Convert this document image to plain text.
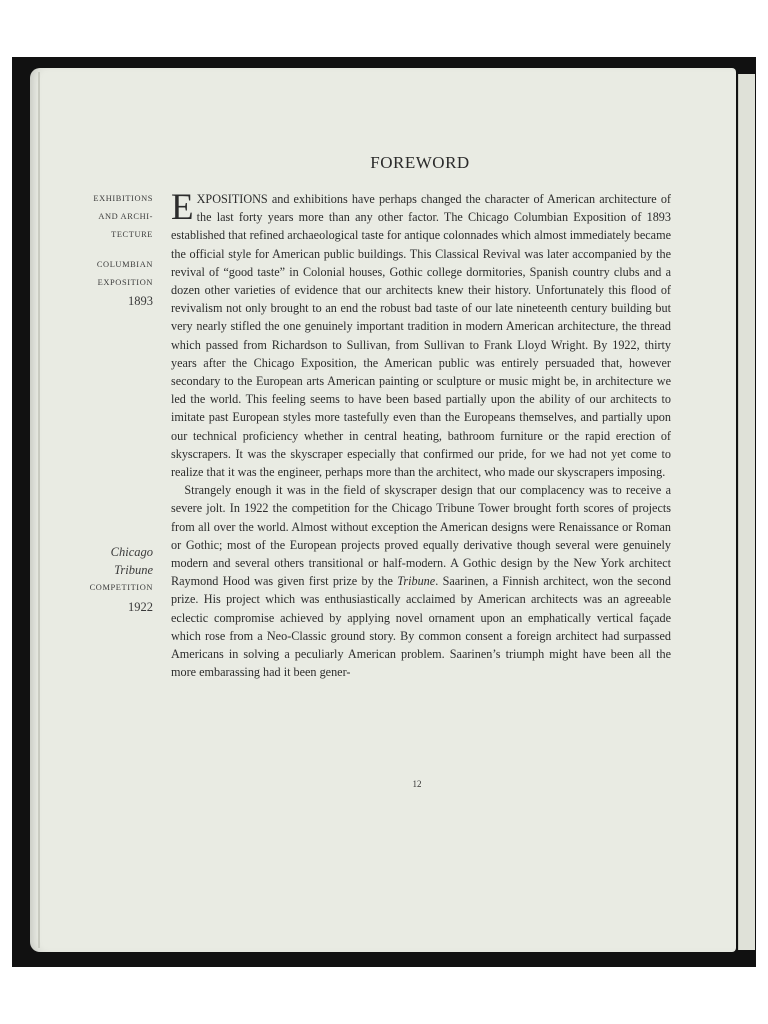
FOREWORD
EXHIBITIONS
AND ARCHI-
TECTURE
COLUMBIAN
EXPOSITION
1893
Chicago
Tribune
COMPETITION
1922

EXPOSITIONS and exhibitions have perhaps changed the character of American architecture of the last forty years more than any other factor. The Chicago Columbian Exposition of 1893 established that refined archaeological taste for antique colonnades which almost immediately became the official style for American public buildings. This Classical Revival was later accompanied by the revival of “good taste” in Colonial houses, Gothic college dormitories, Spanish country clubs and a dozen other varieties of evidence that our architects knew their history. Unfortunately this flood of revivalism not only brought to an end the robust bad taste of our late nineteenth century building but very nearly stifled the one genuinely important tradition in modern American architecture, the thread which passed from Richardson to Sullivan, from Sullivan to Frank Lloyd Wright. By 1922, thirty years after the Chicago Exposition, the American public was entirely persuaded that, however secondary to the European arts American painting or sculpture or music might be, in architecture we led the world. This feeling seems to have been based partially upon the ability of our architects to imitate past European styles more tastefully even than the Europeans themselves, and partially upon our technical proficiency whether in central heating, bathroom furniture or the rapid erection of skyscrapers. It was the skyscraper especially that confirmed our pride, for we had not yet come to realize that it was the engineer, perhaps more than the architect, who made our skyscrapers imposing.

Strangely enough it was in the field of skyscraper design that our complacency was to receive a severe jolt. In 1922 the competition for the Chicago Tribune Tower brought forth scores of projects from all over the world. Almost without exception the American designs were Renaissance or Roman or Gothic; most of the European projects proved equally derivative though several were genuinely modern and several others transitional or half-modern. A Gothic design by the New York architect Raymond Hood was given first prize by the Tribune. Saarinen, a Finnish architect, won the second prize. His project which was enthusiastically acclaimed by American architects was an agreeable eclectic compromise achieved by applying novel ornament upon an emphatically vertical façade which rose from a Neo-Classic ground story. By common consent a foreign architect had surpassed Americans in solving a peculiarly American problem. Saarinen’s triumph might have been all the more embarassing had it been gener-

12
